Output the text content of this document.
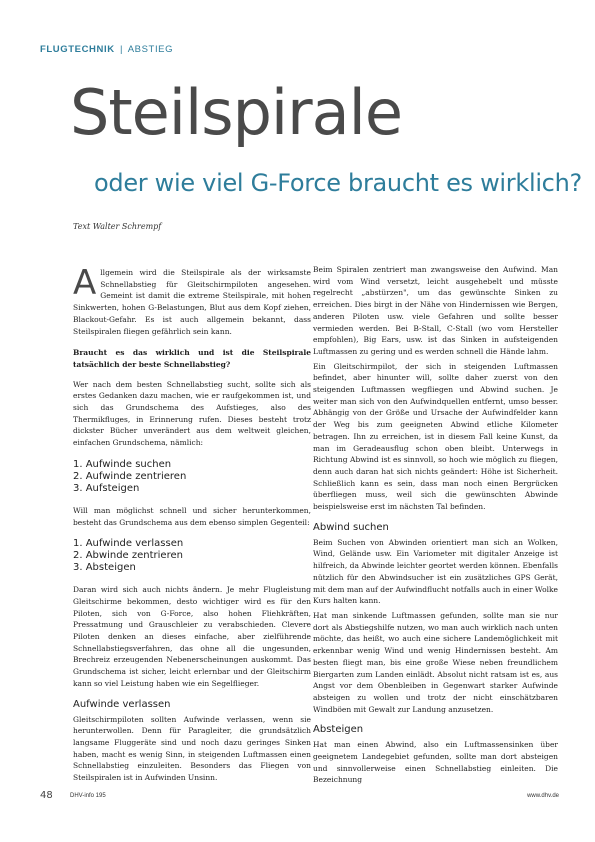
FLUGTECHNIK | ABSTIEG
Steilspirale
oder wie viel G-Force braucht es wirklich?
Text Walter Schrempf

Allgemein wird die Steilspirale als der wirksamste Schnellabstieg für Gleitschirmpiloten angesehen. Gemeint ist damit die extreme Steilspirale, mit hohen Sinkwerten, hohen G-Belastungen, Blut aus dem Kopf ziehen, Blackout-Gefahr. Es ist auch allgemein bekannt, dass Steilspiralen fliegen gefährlich sein kann.

Braucht es das wirklich und ist die Steilspirale tatsächlich der beste Schnellabstieg?

Wer nach dem besten Schnellabstieg sucht, sollte sich als erstes Gedanken dazu machen, wie er raufgekommen ist, und sich das Grundschema des Aufstieges, also des Thermikfluges, in Erinnerung rufen. Dieses besteht trotz dickster Bücher unverändert aus dem weltweit gleichen, einfachen Grundschema, nämlich:

1. Aufwinde suchen
2. Aufwinde zentrieren
3. Aufsteigen

Will man möglichst schnell und sicher herunterkommen, besteht das Grundschema aus dem ebenso simplen Gegenteil:

1. Aufwinde verlassen
2. Abwinde zentrieren
3. Absteigen

Daran wird sich auch nichts ändern. Je mehr Flugleistung Gleitschirme bekommen, desto wichtiger wird es für den Piloten, sich von G-Force, also hohen Fliehkräften, Pressatmung und Grauschleier zu verabschieden. Clevere Piloten denken an dieses einfache, aber zielführende Schnellabstiegsverfahren, das ohne all die ungesunden, Brechreiz erzeugenden Nebenerscheinungen auskommt. Das Grundschema ist sicher, leicht erlernbar und der Gleitschirm kann so viel Leistung haben wie ein Segelflieger.

Aufwinde verlassen

Gleitschirmpiloten sollten Aufwinde verlassen, wenn sie herunterwollen. Denn für Paragleiter, die grundsätzlich langsame Fluggeräte sind und noch dazu geringes Sinken haben, macht es wenig Sinn, in steigenden Luftmassen einen Schnellabstieg einzuleiten. Besonders das Fliegen von Steilspiralen ist in Aufwinden Unsinn.

Beim Spiralen zentriert man zwangsweise den Aufwind. Man wird vom Wind versetzt, leicht ausgehebelt und müsste regelrecht „abstürzen", um das gewünschte Sinken zu erreichen. Dies birgt in der Nähe von Hindernissen wie Bergen, anderen Piloten usw. viele Gefahren und sollte besser vermieden werden. Bei B-Stall, C-Stall (wo vom Hersteller empfohlen), Big Ears, usw. ist das Sinken in aufsteigenden Luftmassen zu gering und es werden schnell die Hände lahm.

Ein Gleitschirmpilot, der sich in steigenden Luftmassen befindet, aber hinunter will, sollte daher zuerst von den steigenden Luftmassen wegfliegen und Abwind suchen. Je weiter man sich von den Aufwindquellen entfernt, umso besser. Abhängig von der Größe und Ursache der Aufwindfelder kann der Weg bis zum geeigneten Abwind etliche Kilometer betragen. Ihn zu erreichen, ist in diesem Fall keine Kunst, da man im Geradeausflug schon oben bleibt. Unterwegs in Richtung Abwind ist es sinnvoll, so hoch wie möglich zu fliegen, denn auch daran hat sich nichts geändert: Höhe ist Sicherheit. Schließlich kann es sein, dass man noch einen Bergrücken überfliegen muss, weil sich die gewünschten Abwinde beispielsweise erst im nächsten Tal befinden.

Abwind suchen

Beim Suchen von Abwinden orientiert man sich an Wolken, Wind, Gelände usw. Ein Variometer mit digitaler Anzeige ist hilfreich, da Abwinde leichter geortet werden können. Ebenfalls nützlich für den Abwindsucher ist ein zusätzliches GPS Gerät, mit dem man auf der Aufwindflucht notfalls auch in einer Wolke Kurs halten kann.

Hat man sinkende Luftmassen gefunden, sollte man sie nur dort als Abstiegshilfe nutzen, wo man auch wirklich nach unten möchte, das heißt, wo auch eine sichere Landemöglichkeit mit erkennbar wenig Wind und wenig Hindernissen besteht. Am besten fliegt man, bis eine große Wiese neben freundlichem Biergarten zum Landen einlädt. Absolut nicht ratsam ist es, aus Angst vor dem Obenbleiben in Gegenwart starker Aufwinde absteigen zu wollen und trotz der nicht einschätzbaren Windböen mit Gewalt zur Landung anzusetzen.

Absteigen

Hat man einen Abwind, also ein Luftmassensinken über geeignetem Landegebiet gefunden, sollte man dort absteigen und sinnvollerweise einen Schnellabstieg einleiten. Die Bezeichnung

48	DHV-info 195	www.dhv.de
